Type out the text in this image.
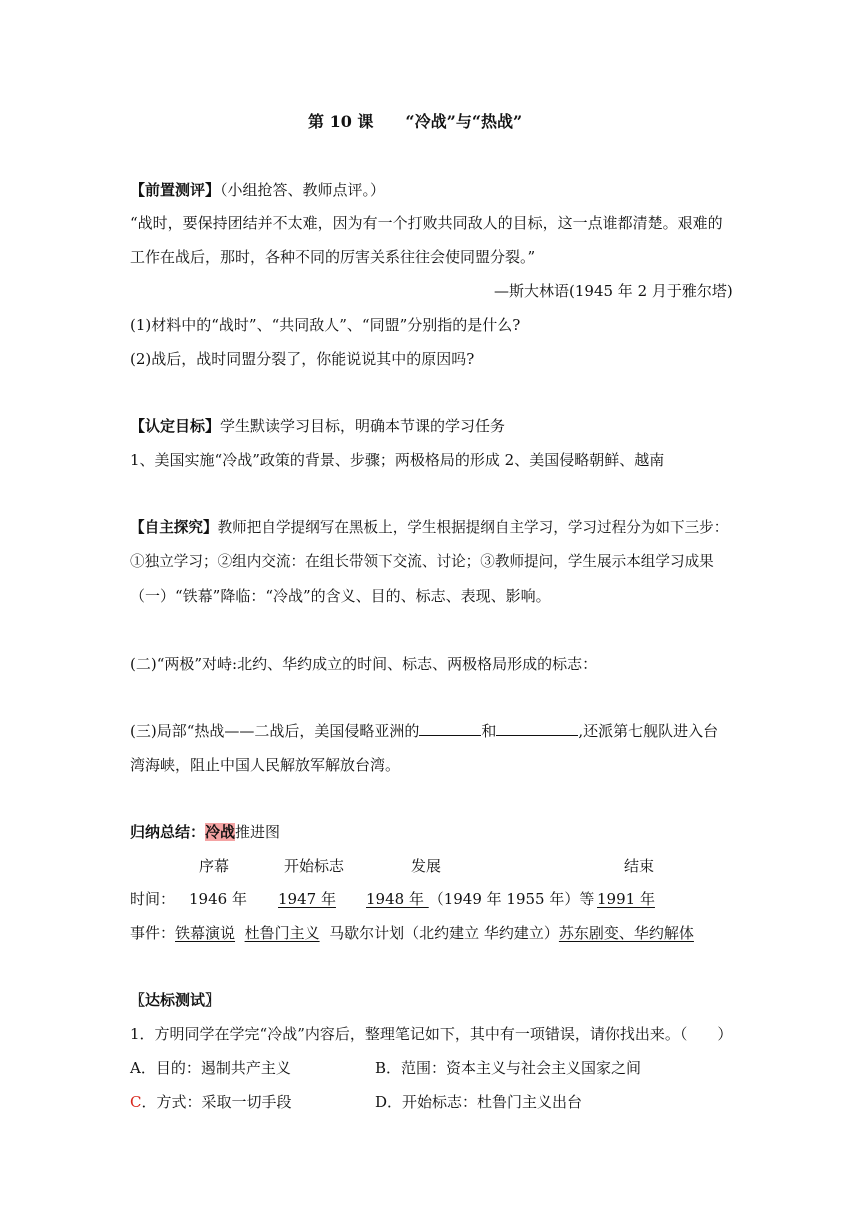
第 10 课　　“冷战”与“热战”
【前置测评】（小组抢答、教师点评。）
“战时，要保持团结并不太难，因为有一个打败共同敌人的目标，这一点谁都清楚。艰难的
工作在战后，那时，各种不同的厉害关系往往会使同盟分裂。”
—斯大林语(1945 年 2 月于雅尔塔)
(1)材料中的“战时”、“共同敌人”、“同盟”分别指的是什么?
(2)战后，战时同盟分裂了，你能说说其中的原因吗?
【认定目标】学生默读学习目标，明确本节课的学习任务
1、美国实施“冷战”政策的背景、步骤；两极格局的形成 2、美国侵略朝鲜、越南
【自主探究】教师把自学提纲写在黑板上，学生根据提纲自主学习，学习过程分为如下三步：
①独立学习；②组内交流：在组长带领下交流、讨论；③教师提问，学生展示本组学习成果
（一）“铁幕”降临：“冷战”的含义、目的、标志、表现、影响。
(二)“两极”对峙:北约、华约成立的时间、标志、两极格局形成的标志：
(三)局部“热战——二战后，美国侵略亚洲的	和	,还派第七舰队进入台
湾海峡，阻止中国人民解放军解放台湾。
归纳总结：冷战推进图
序幕	开始标志	发展	结束
时间： 1946 年 1947 年 1948 年 （1949 年 1955 年）等 1991 年
事件：铁幕演说 杜鲁门主义 马歇尔计划（北约建立 华约建立）苏东剧变、华约解体
〖达标测试〗
1．方明同学在学完“冷战”内容后，整理笔记如下，其中有一项错误，请你找出来。（　　）
A．目的：遏制共产主义	B．范围：资本主义与社会主义国家之间
C．方式：采取一切手段	D．开始标志：杜鲁门主义出台
